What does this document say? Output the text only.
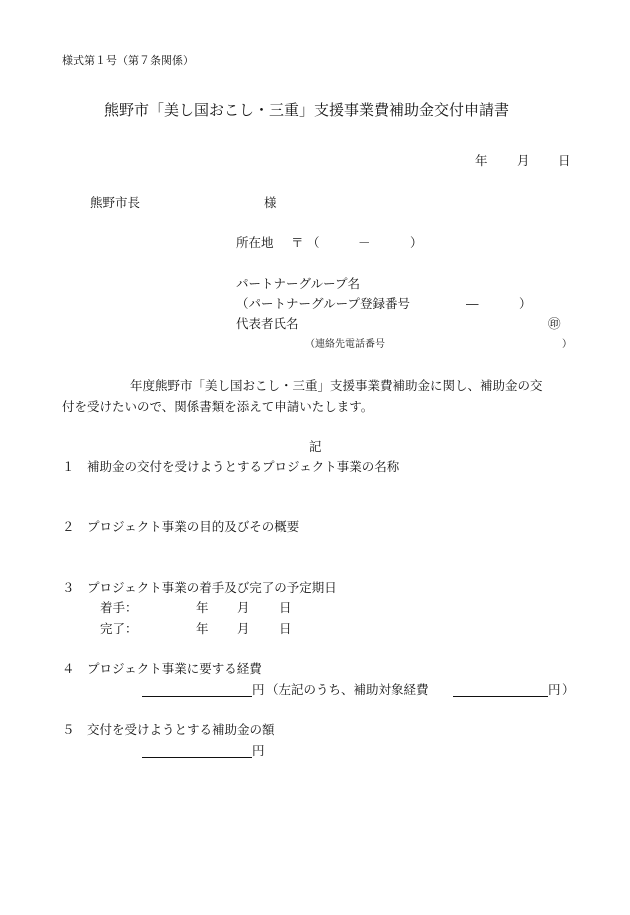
様式第１号（第７条関係）
熊野市「美し国おこし・三重」支援事業費補助金交付申請書
年 月 日
熊野市長	様
所在地 〒 （	－	）
パートナーグループ名
（パートナーグループ登録番号	―	）
代表者氏名	㊞
（連絡先電話番号	）
年度熊野市「美し国おこし・三重」支援事業費補助金に関し、補助金の交
付を受けたいので、関係書類を添えて申請いたします。
記
１ 補助金の交付を受けようとするプロジェクト事業の名称
２ プロジェクト事業の目的及びその概要
３ プロジェクト事業の着手及び完了の予定期日
着手：	年 月 日
完了：	年 月 日
４ プロジェクト事業に要する経費
円 （左記のうち、補助対象経費	円 ）
５ 交付を受けようとする補助金の額
円
